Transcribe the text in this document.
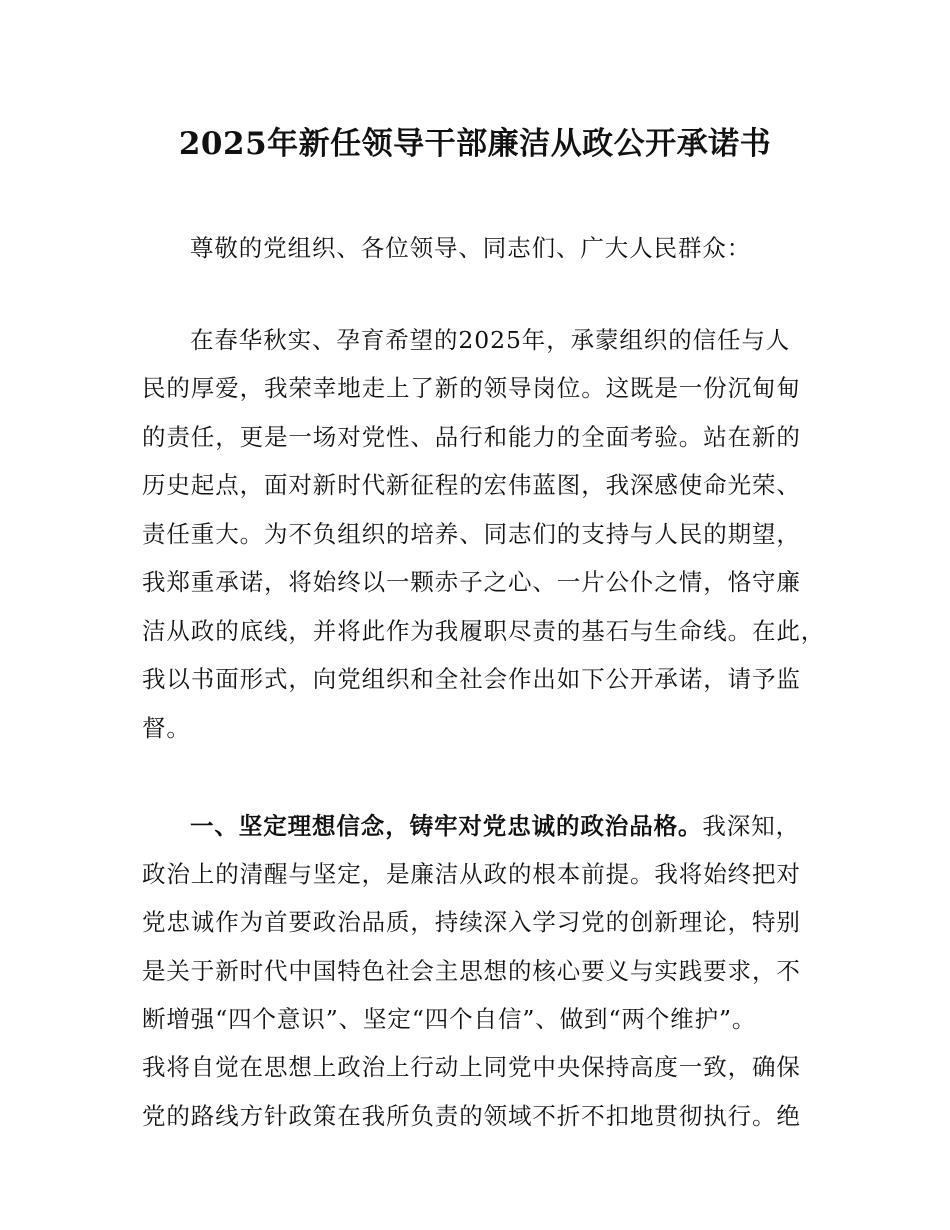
2025年新任领导干部廉洁从政公开承诺书
尊敬的党组织、各位领导、同志们、广大人民群众：
在春华秋实、孕育希望的2025年，承蒙组织的信任与人
民的厚爱，我荣幸地走上了新的领导岗位。这既是一份沉甸甸
的责任，更是一场对党性、品行和能力的全面考验。站在新的
历史起点，面对新时代新征程的宏伟蓝图，我深感使命光荣、
责任重大。为不负组织的培养、同志们的支持与人民的期望，
我郑重承诺，将始终以一颗赤子之心、一片公仆之情，恪守廉
洁从政的底线，并将此作为我履职尽责的基石与生命线。在此，
我以书面形式，向党组织和全社会作出如下公开承诺，请予监
督。
一、坚定理想信念，铸牢对党忠诚的政治品格。我深知，
政治上的清醒与坚定，是廉洁从政的根本前提。我将始终把对
党忠诚作为首要政治品质，持续深入学习党的创新理论，特别
是关于新时代中国特色社会主思想的核心要义与实践要求，不
断增强“四个意识”、坚定“四个自信”、做到“两个维护”。
我将自觉在思想上政治上行动上同党中央保持高度一致，确保
党的路线方针政策在我所负责的领域不折不扣地贯彻执行。绝
